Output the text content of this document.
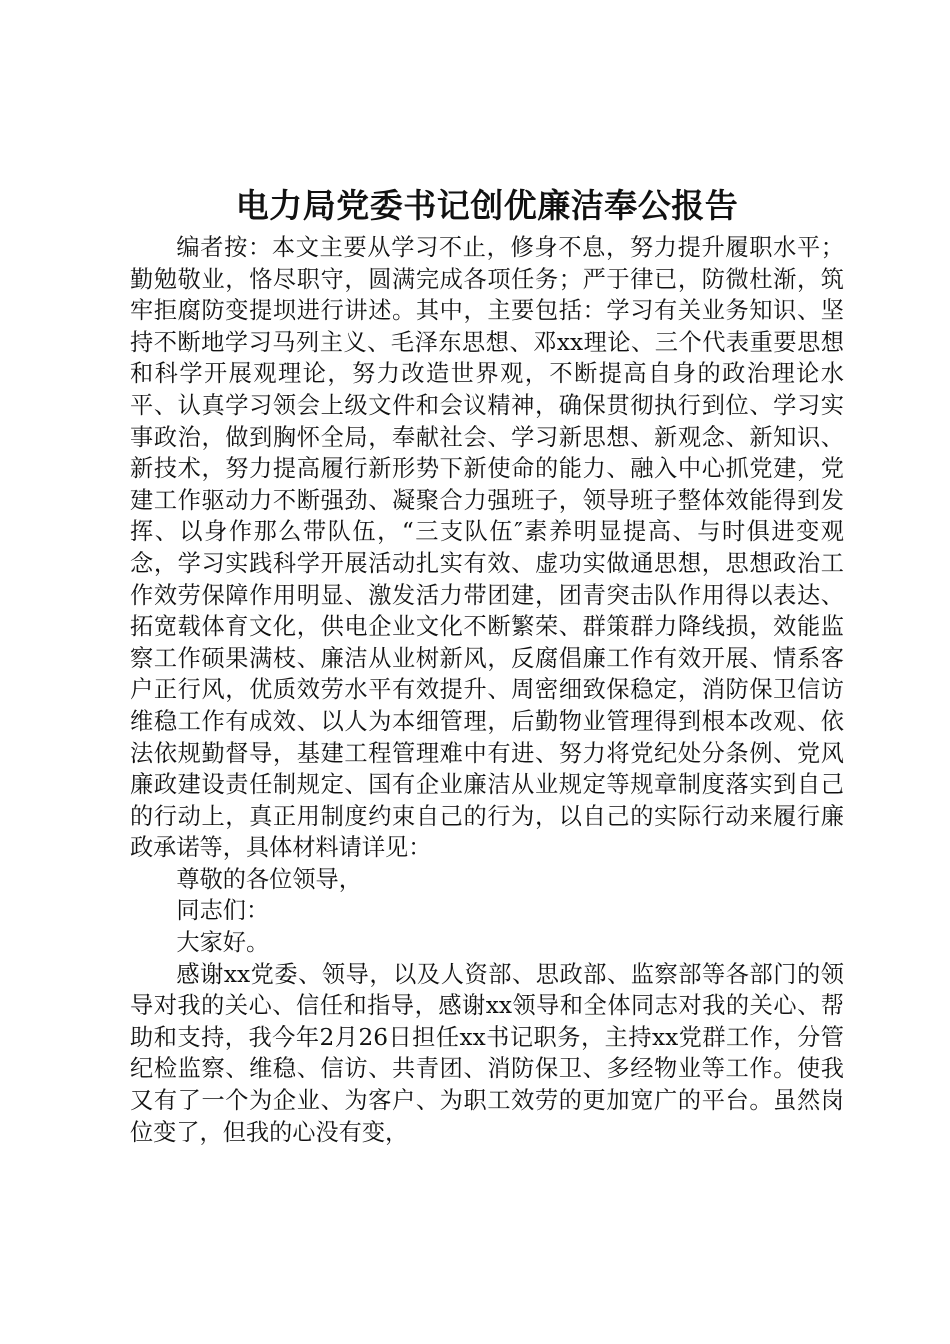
电力局党委书记创优廉洁奉公报告

编者按：本文主要从学习不止，修身不息，努力提升履职水平；勤勉敬业，恪尽职守，圆满完成各项任务；严于律已，防微杜渐，筑牢拒腐防变提坝进行讲述。其中，主要包括：学习有关业务知识、坚持不断地学习马列主义、毛泽东思想、邓xx理论、三个代表重要思想和科学开展观理论，努力改造世界观，不断提高自身的政治理论水平、认真学习领会上级文件和会议精神，确保贯彻执行到位、学习实事政治，做到胸怀全局，奉献社会、学习新思想、新观念、新知识、新技术，努力提高履行新形势下新使命的能力、融入中心抓党建，党建工作驱动力不断强劲、凝聚合力强班子，领导班子整体效能得到发挥、以身作那么带队伍，“三支队伍″素养明显提高、与时俱进变观念，学习实践科学开展活动扎实有效、虚功实做通思想，思想政治工作效劳保障作用明显、激发活力带团建，团青突击队作用得以表达、拓宽载体育文化，供电企业文化不断繁荣、群策群力降线损，效能监察工作硕果满枝、廉洁从业树新风，反腐倡廉工作有效开展、情系客户正行风，优质效劳水平有效提升、周密细致保稳定，消防保卫信访维稳工作有成效、以人为本细管理，后勤物业管理得到根本改观、依法依规勤督导，基建工程管理难中有进、努力将党纪处分条例、党风廉政建设责任制规定、国有企业廉洁从业规定等规章制度落实到自己的行动上，真正用制度约束自己的行为，以自己的实际行动来履行廉政承诺等，具体材料请详见：

尊敬的各位领导，

同志们：

大家好。

感谢xx党委、领导，以及人资部、思政部、监察部等各部门的领导对我的关心、信任和指导，感谢xx领导和全体同志对我的关心、帮助和支持，我今年2月26日担任xx书记职务，主持xx党群工作，分管纪检监察、维稳、信访、共青团、消防保卫、多经物业等工作。使我又有了一个为企业、为客户、为职工效劳的更加宽广的平台。虽然岗位变了，但我的心没有变，
